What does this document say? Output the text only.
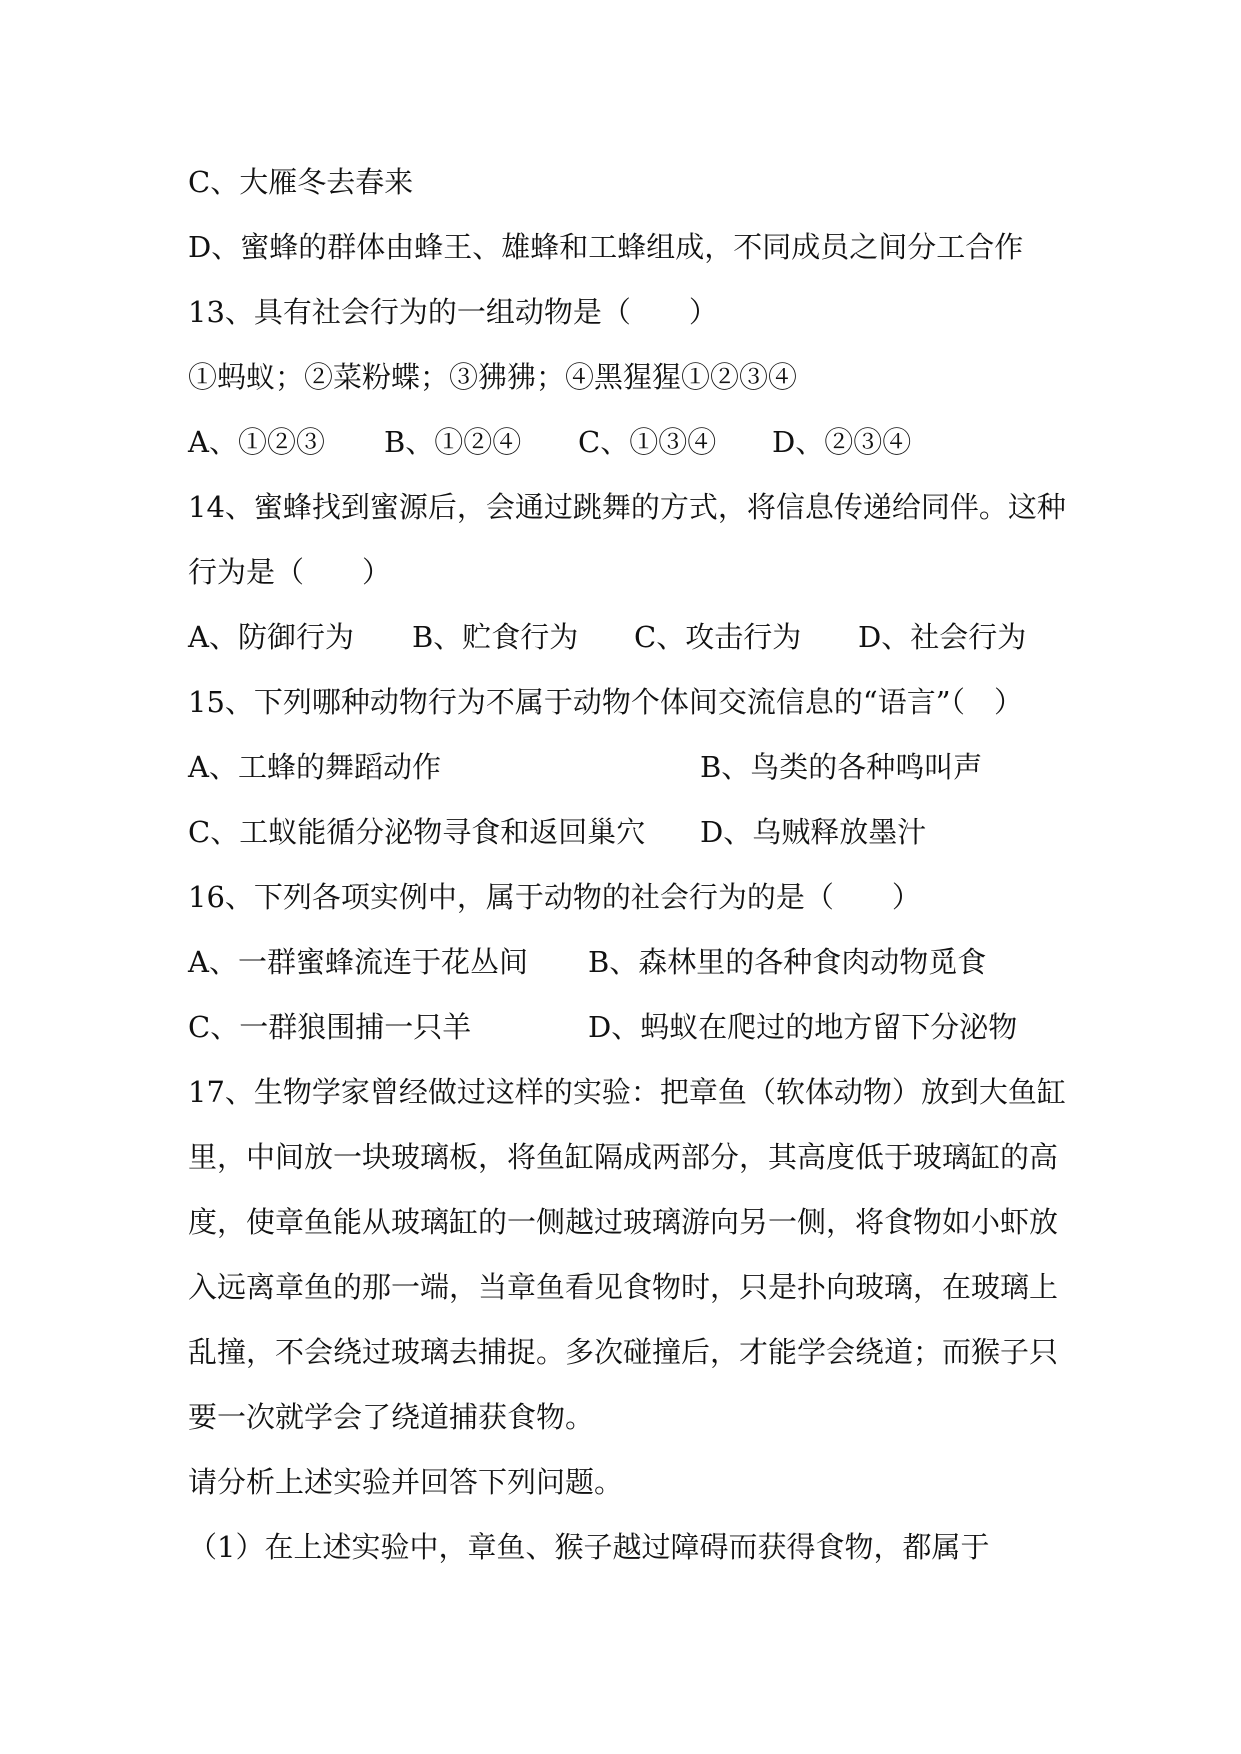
C、大雁冬去春来
D、蜜蜂的群体由蜂王、雄蜂和工蜂组成，不同成员之间分工合作
13、具有社会行为的一组动物是（　　）
①蚂蚁；②菜粉蝶；③狒狒；④黑猩猩①②③④
A、①②③ B、①②④ C、①③④ D、②③④
14、蜜蜂找到蜜源后，会通过跳舞的方式，将信息传递给同伴。这种
行为是（　　）
A、防御行为 B、贮食行为 C、攻击行为 D、社会行为
15、下列哪种动物行为不属于动物个体间交流信息的“语言”（　）
A、工蜂的舞蹈动作	B、鸟类的各种鸣叫声
C、工蚁能循分泌物寻食和返回巢穴 D、乌贼释放墨汁
16、下列各项实例中，属于动物的社会行为的是（　　）
A、一群蜜蜂流连于花丛间 B、森林里的各种食肉动物觅食
C、一群狼围捕一只羊	D、蚂蚁在爬过的地方留下分泌物
17、生物学家曾经做过这样的实验：把章鱼（软体动物）放到大鱼缸
里，中间放一块玻璃板，将鱼缸隔成两部分，其高度低于玻璃缸的高
度，使章鱼能从玻璃缸的一侧越过玻璃游向另一侧，将食物如小虾放
入远离章鱼的那一端，当章鱼看见食物时，只是扑向玻璃，在玻璃上
乱撞，不会绕过玻璃去捕捉。多次碰撞后，才能学会绕道；而猴子只
要一次就学会了绕道捕获食物。
请分析上述实验并回答下列问题。
（1）在上述实验中，章鱼、猴子越过障碍而获得食物，都属于
